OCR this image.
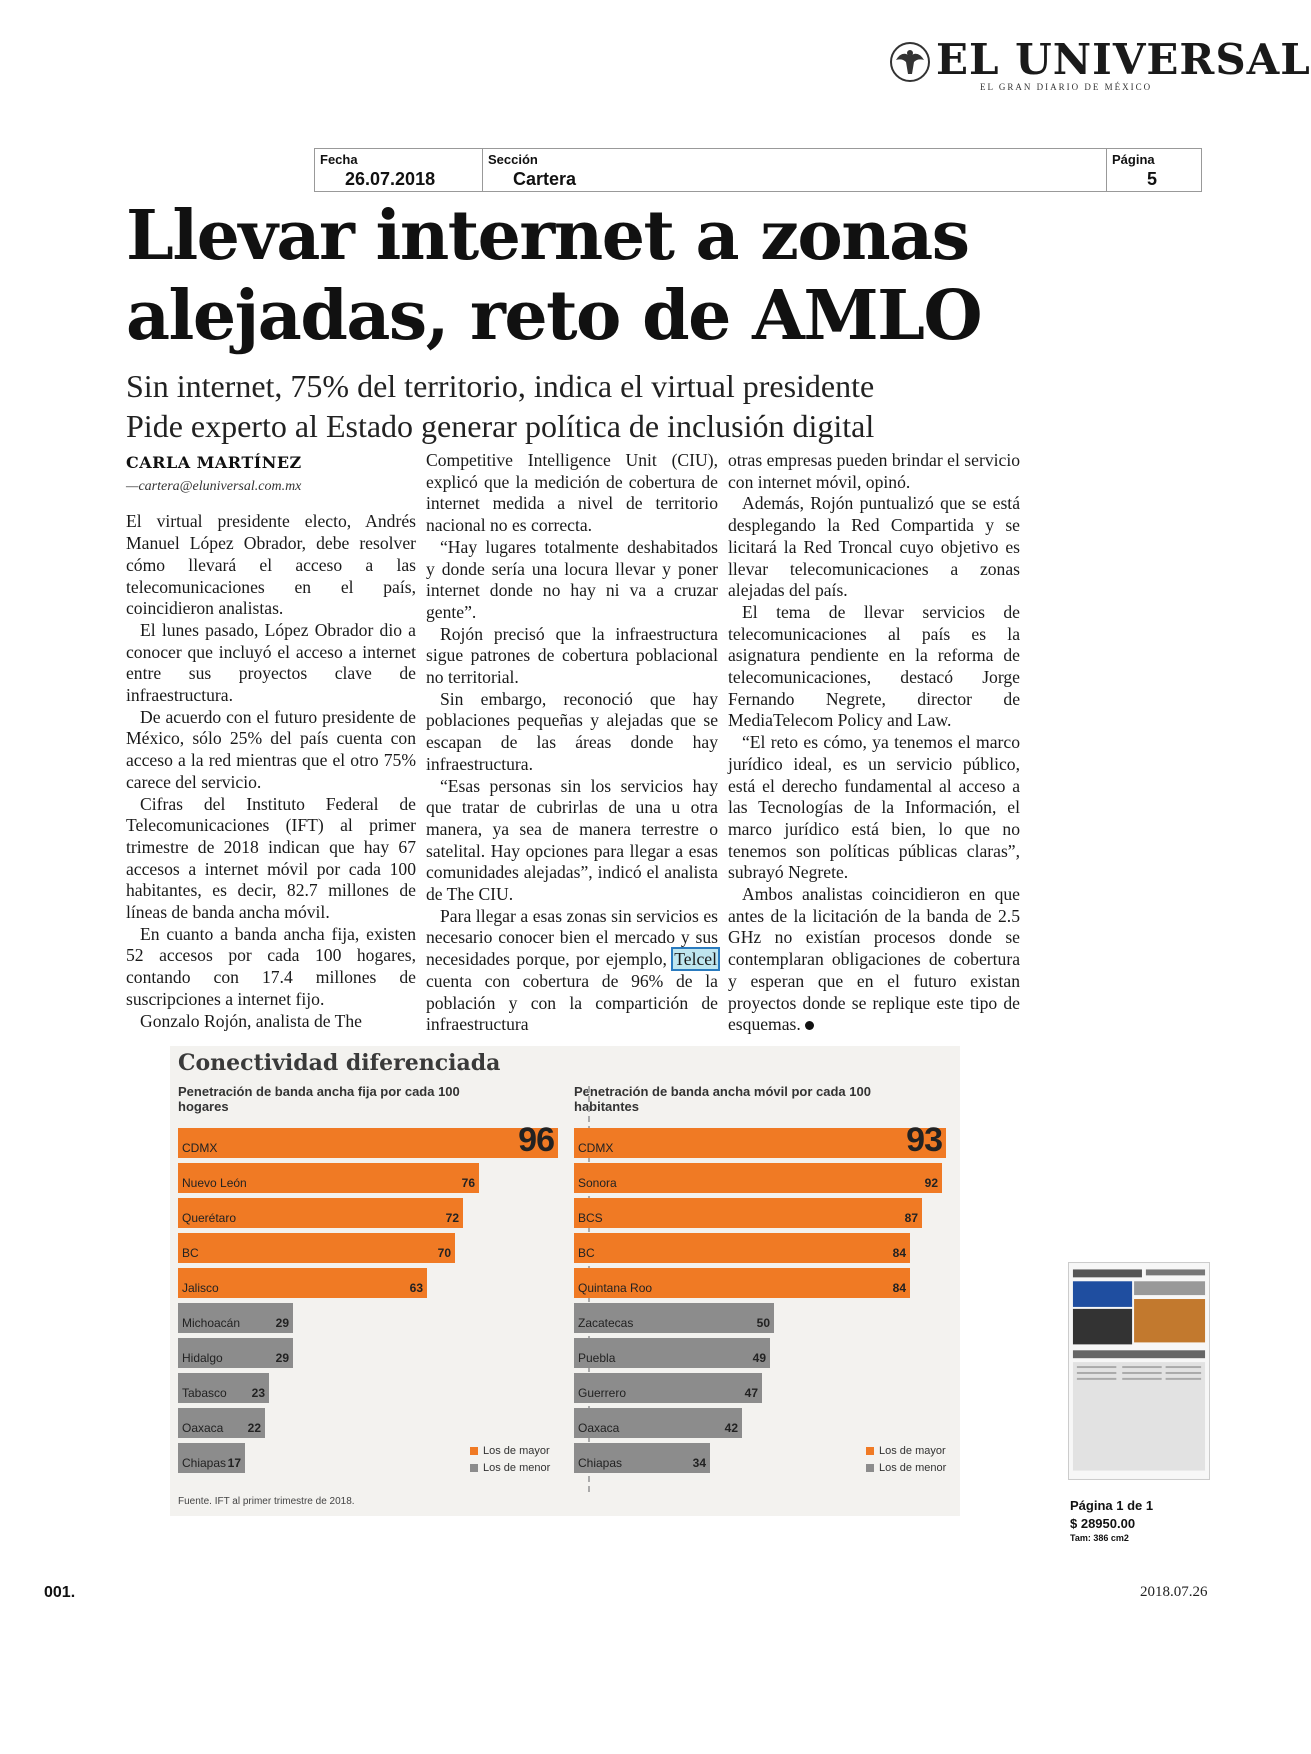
EL UNIVERSAL
EL GRAN DIARIO DE MÉXICO
Fecha
26.07.2018
Sección
Cartera
Página
5
Llevar internet a zonas
alejadas, reto de AMLO
Sin internet, 75% del territorio, indica el virtual presidente
Pide experto al Estado generar política de inclusión digital
CARLA MARTÍNEZ
—cartera@eluniversal.com.mx

El virtual presidente electo, Andrés Manuel López Obrador, debe resolver cómo llevará el acceso a las telecomunicaciones en el país, coincidieron analistas.

El lunes pasado, López Obrador dio a conocer que incluyó el acceso a internet entre sus proyectos clave de infraestructura.

De acuerdo con el futuro presidente de México, sólo 25% del país cuenta con acceso a la red mientras que el otro 75% carece del servicio.

Cifras del Instituto Federal de Telecomunicaciones (IFT) al primer trimestre de 2018 indican que hay 67 accesos a internet móvil por cada 100 habitantes, es decir, 82.7 millones de líneas de banda ancha móvil.

En cuanto a banda ancha fija, existen 52 accesos por cada 100 hogares, contando con 17.4 millones de suscripciones a internet fijo.

Gonzalo Rojón, analista de The

Competitive Intelligence Unit (CIU), explicó que la medición de cobertura de internet medida a nivel de territorio nacional no es correcta.

“Hay lugares totalmente deshabitados y donde sería una locura llevar y poner internet donde no hay ni va a cruzar gente”.

Rojón precisó que la infraestructura sigue patrones de cobertura poblacional no territorial.

Sin embargo, reconoció que hay poblaciones pequeñas y alejadas que se escapan de las áreas donde hay infraestructura.

“Esas personas sin los servicios hay que tratar de cubrirlas de una u otra manera, ya sea de manera terrestre o satelital. Hay opciones para llegar a esas comunidades alejadas”, indicó el analista de The CIU.

Para llegar a esas zonas sin servicios es necesario conocer bien el mercado y sus necesidades porque, por ejemplo, Telcel cuenta con cobertura de 96% de la población y con la compartición de infraestructura

otras empresas pueden brindar el servicio con internet móvil, opinó.

Además, Rojón puntualizó que se está desplegando la Red Compartida y se licitará la Red Troncal cuyo objetivo es llevar telecomunicaciones a zonas alejadas del país.

El tema de llevar servicios de telecomunicaciones al país es la asignatura pendiente en la reforma de telecomunicaciones, destacó Jorge Fernando Negrete, director de MediaTelecom Policy and Law.

“El reto es cómo, ya tenemos el marco jurídico ideal, es un servicio público, está el derecho fundamental al acceso a las Tecnologías de la Información, el marco jurídico está bien, lo que no tenemos son políticas públicas claras”, subrayó Negrete.

Ambos analistas coincidieron en que antes de la licitación de la banda de 2.5 GHz no existían procesos donde se contemplaran obligaciones de cobertura y esperan que en el futuro existan proyectos donde se replique este tipo de esquemas.

Conectividad diferenciada
Penetración de banda ancha fija por cada 100 hogares
Penetración de banda ancha móvil por cada 100 habitantes
CDMX	96
Nuevo León	76
Querétaro	72
BC	70
Jalisco	63
Michoacán	29
Hidalgo	29
Tabasco 23
Oaxaca 22
Chiapas 17
CDMX	93
Sonora	92
BCS	87
BC	84
Quintana Roo	84
Zacatecas	50
Puebla	49
Guerrero	47
Oaxaca	42
Chiapas	34
Los de mayor
Los de menor
Los de mayor
Los de menor
Fuente. IFT al primer trimestre de 2018.	Página 1 de 1
$ 28950.00
Tam: 386 cm2
001.	2018.07.26
